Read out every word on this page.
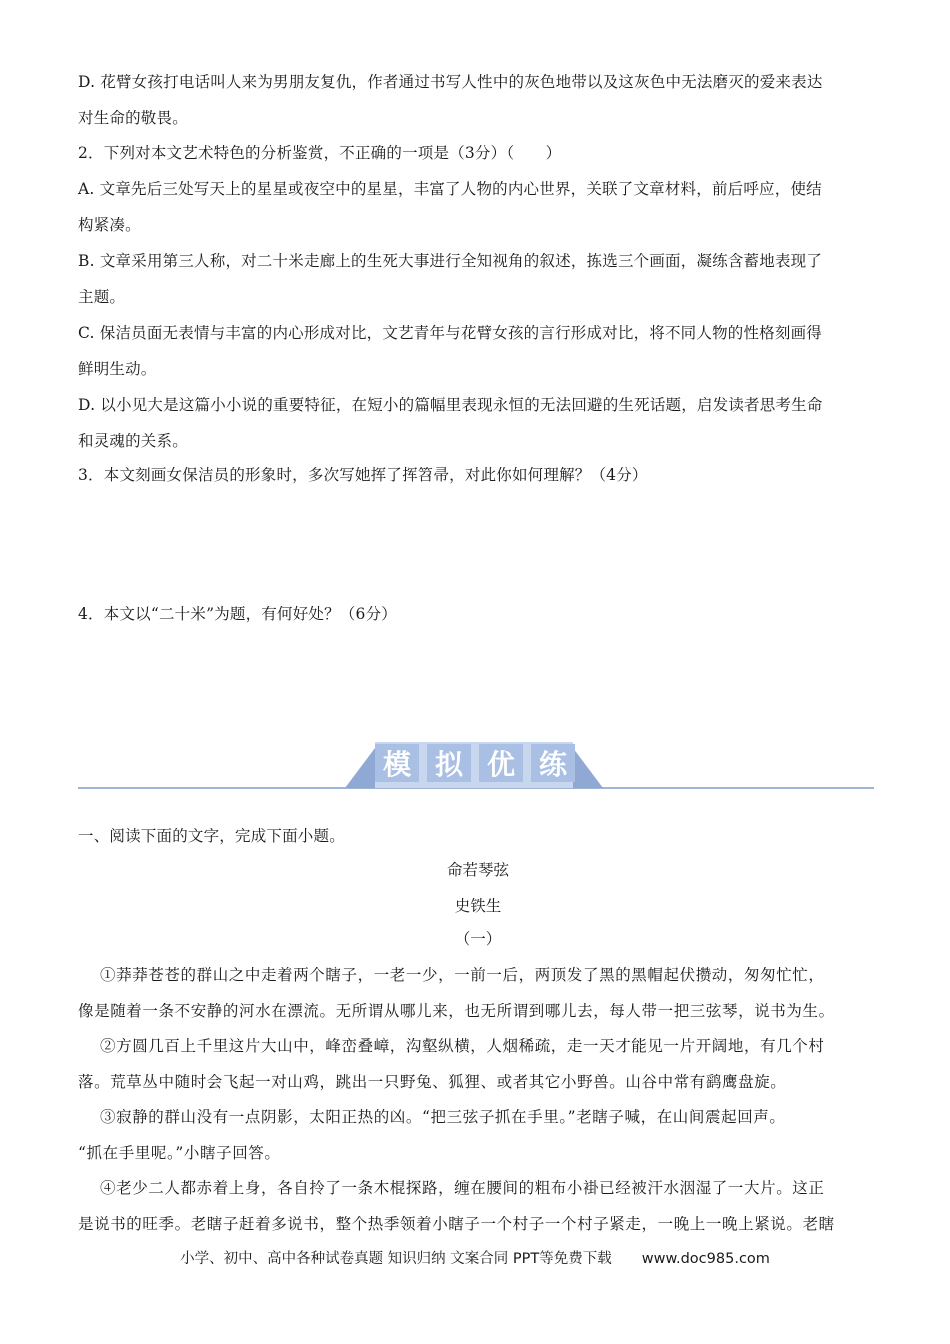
D. 花臂女孩打电话叫人来为男朋友复仇，作者通过书写人性中的灰色地带以及这灰色中无法磨灭的爱来表达
对生命的敬畏。
2．下列对本文艺术特色的分析鉴赏，不正确的一项是（3分）（　　）
A. 文章先后三处写天上的星星或夜空中的星星，丰富了人物的内心世界，关联了文章材料，前后呼应，使结
构紧凑。
B. 文章采用第三人称，对二十米走廊上的生死大事进行全知视角的叙述，拣选三个画面，凝练含蓄地表现了
主题。
C. 保洁员面无表情与丰富的内心形成对比，文艺青年与花臂女孩的言行形成对比，将不同人物的性格刻画得
鲜明生动。
D. 以小见大是这篇小小说的重要特征，在短小的篇幅里表现永恒的无法回避的生死话题，启发读者思考生命
和灵魂的关系。
3．本文刻画女保洁员的形象时，多次写她挥了挥笤帚，对此你如何理解？（4分）
4．本文以“二十米”为题，有何好处？（6分）
模 拟 优 练
一、阅读下面的文字，完成下面小题。
命若琴弦
史铁生
（一）
①莽莽苍苍的群山之中走着两个瞎子，一老一少，一前一后，两顶发了黑的黑帽起伏攒动，匆匆忙忙，
像是随着一条不安静的河水在漂流。无所谓从哪儿来，也无所谓到哪儿去，每人带一把三弦琴，说书为生。
②方圆几百上千里这片大山中，峰峦叠嶂，沟壑纵横，人烟稀疏，走一天才能见一片开阔地，有几个村
落。荒草丛中随时会飞起一对山鸡，跳出一只野兔、狐狸、或者其它小野兽。山谷中常有鹞鹰盘旋。
③寂静的群山没有一点阴影，太阳正热的凶。“把三弦子抓在手里。”老瞎子喊，在山间震起回声。
“抓在手里呢。”小瞎子回答。
④老少二人都赤着上身，各自拎了一条木棍探路，缠在腰间的粗布小褂已经被汗水洇湿了一大片。这正
是说书的旺季。老瞎子赶着多说书，整个热季领着小瞎子一个村子一个村子紧走，一晚上一晚上紧说。老瞎
小学、初中、高中各种试卷真题 知识归纳 文案合同 PPT等免费下载 www.doc985.com
